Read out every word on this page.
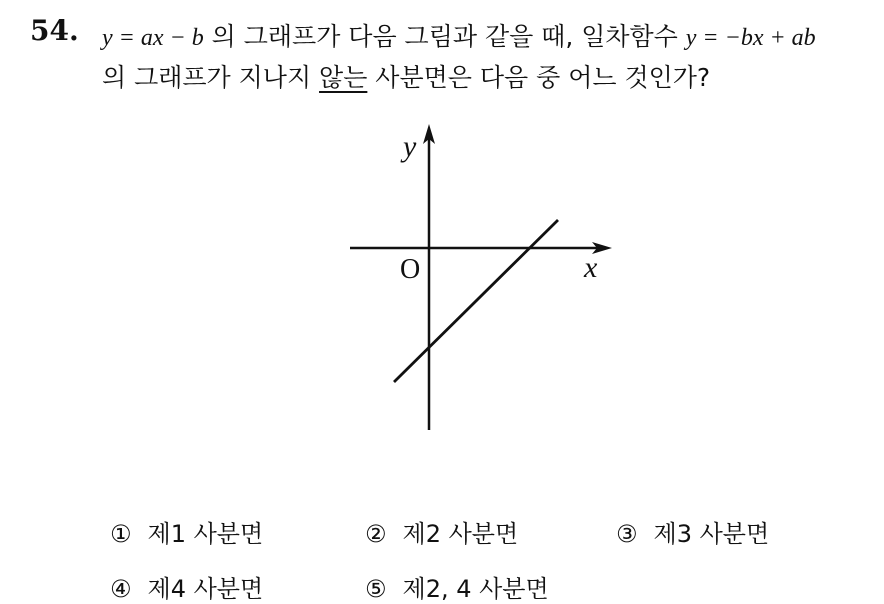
54. y = ax − b 의 그래프가 다음 그림과 같을 때, 일차함수 y = −bx + ab
의 그래프가 지나지 않는 사분면은 다음 중 어느 것인가?
y
x
O
① 제1 사분면	② 제2 사분면	③ 제3 사분면
④ 제4 사분면	⑤ 제2, 4 사분면
